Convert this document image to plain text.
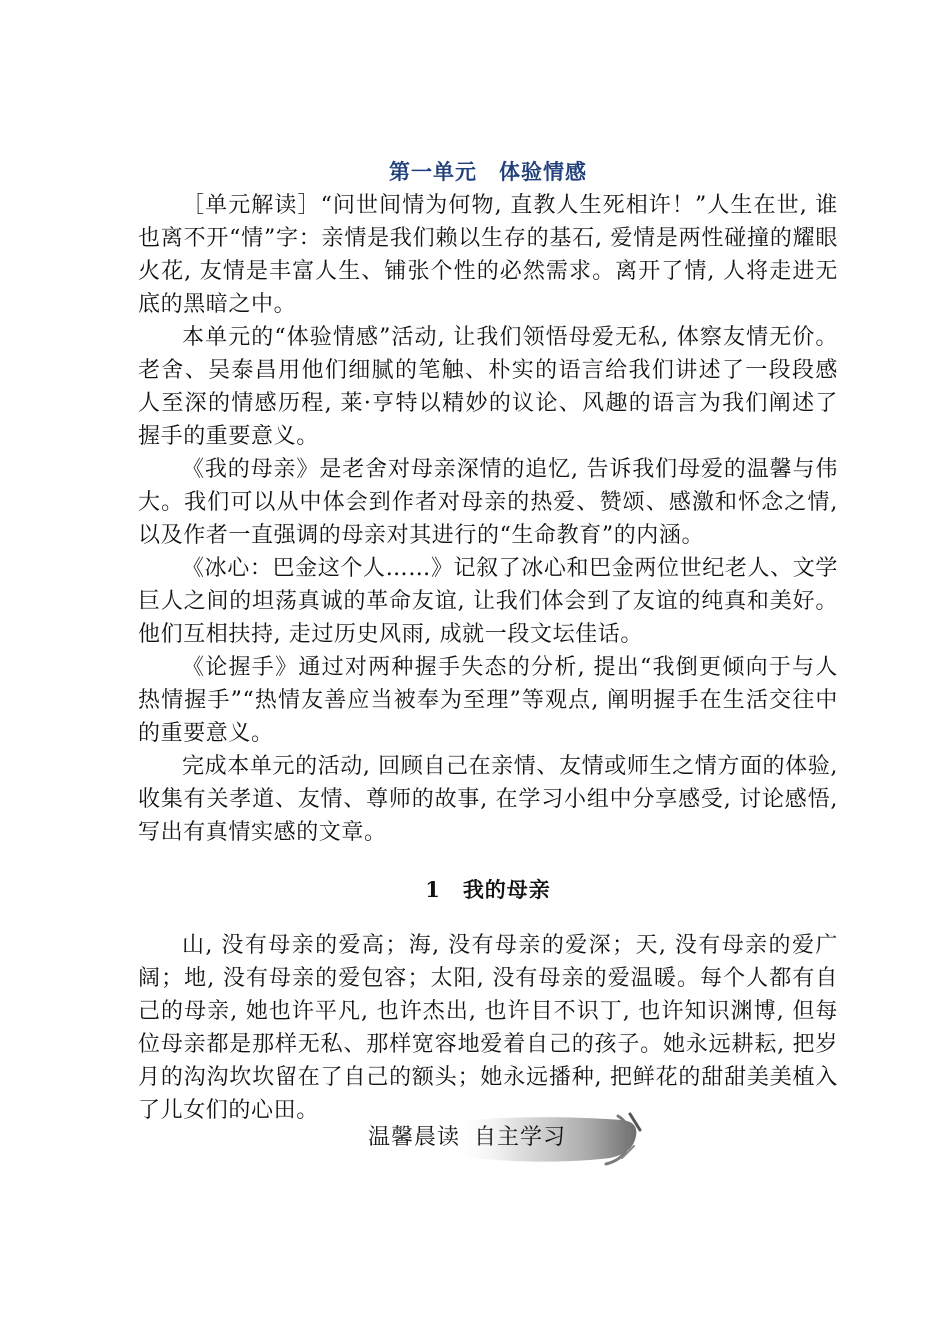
第一单元　体验情感

［单元解读］“问世间情为何物, 直教人生死相许！”人生在世, 谁也离不开“情”字：亲情是我们赖以生存的基石, 爱情是两性碰撞的耀眼火花, 友情是丰富人生、铺张个性的必然需求。离开了情, 人将走进无底的黑暗之中。

本单元的“体验情感”活动, 让我们领悟母爱无私, 体察友情无价。老舍、吴泰昌用他们细腻的笔触、朴实的语言给我们讲述了一段段感人至深的情感历程, 莱·亨特以精妙的议论、风趣的语言为我们阐述了握手的重要意义。

《我的母亲》是老舍对母亲深情的追忆, 告诉我们母爱的温馨与伟大。我们可以从中体会到作者对母亲的热爱、赞颂、感激和怀念之情, 以及作者一直强调的母亲对其进行的“生命教育”的内涵。

《冰心：巴金这个人……》记叙了冰心和巴金两位世纪老人、文学巨人之间的坦荡真诚的革命友谊, 让我们体会到了友谊的纯真和美好。他们互相扶持, 走过历史风雨, 成就一段文坛佳话。

《论握手》通过对两种握手失态的分析, 提出“我倒更倾向于与人热情握手”“热情友善应当被奉为至理”等观点, 阐明握手在生活交往中的重要意义。

完成本单元的活动, 回顾自己在亲情、友情或师生之情方面的体验, 收集有关孝道、友情、尊师的故事, 在学习小组中分享感受, 讨论感悟, 写出有真情实感的文章。

1 我的母亲

山, 没有母亲的爱高；海, 没有母亲的爱深；天, 没有母亲的爱广阔；地, 没有母亲的爱包容；太阳, 没有母亲的爱温暖。每个人都有自己的母亲, 她也许平凡, 也许杰出, 也许目不识丁, 也许知识渊博, 但每位母亲都是那样无私、那样宽容地爱着自己的孩子。她永远耕耘, 把岁月的沟沟坎坎留在了自己的额头；她永远播种, 把鲜花的甜甜美美植入了儿女们的心田。

温馨晨读 自主学习
